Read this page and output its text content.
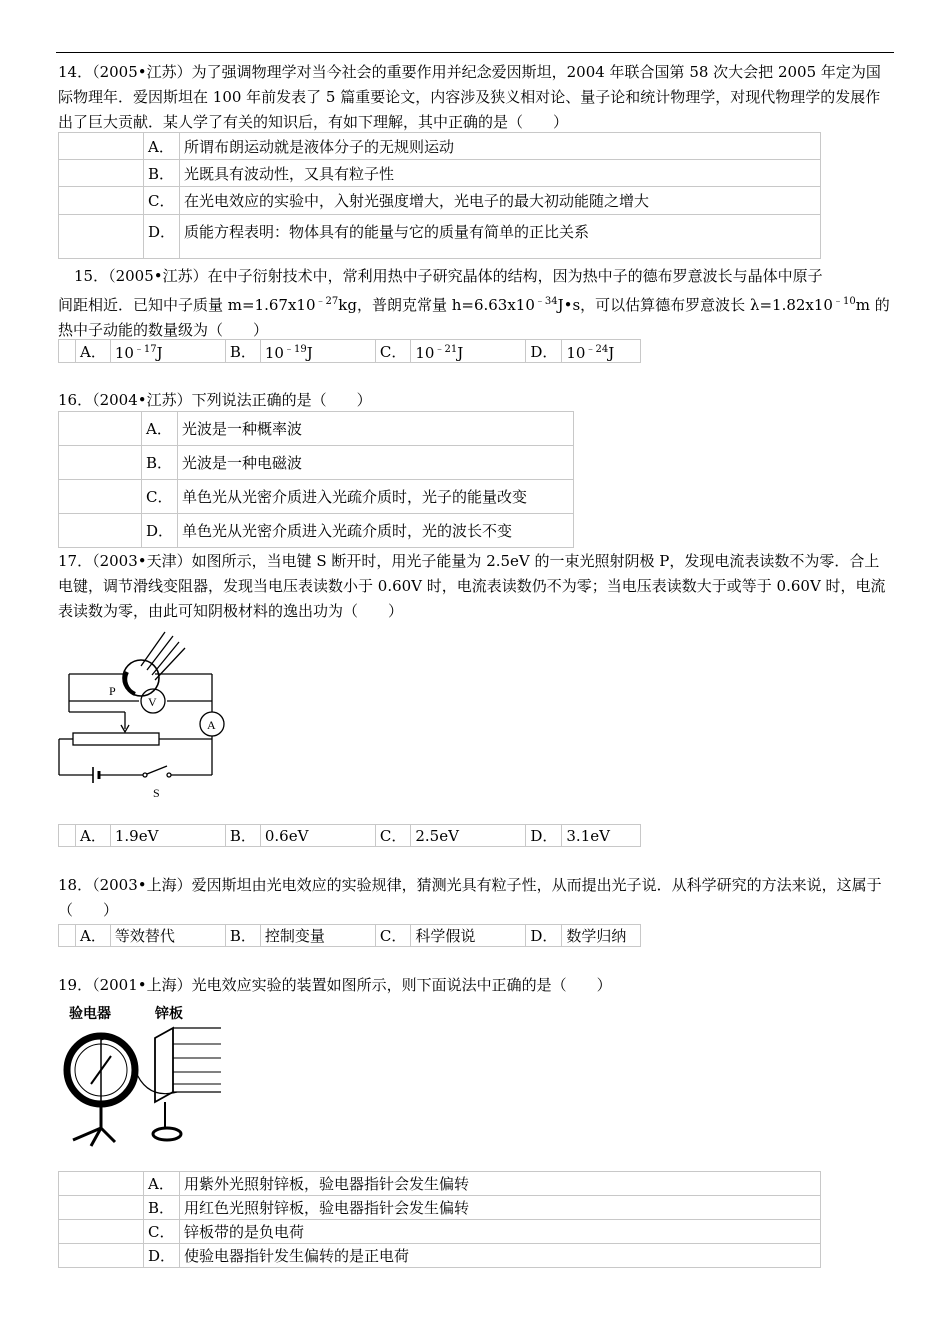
14．（2005•江苏）为了强调物理学对当今社会的重要作用并纪念爱因斯坦，2004 年联合国第 58 次大会把 2005 年定为国际物理年．爱因斯坦在 100 年前发表了 5 篇重要论文，内容涉及狭义相对论、量子论和统计物理学，对现代物理学的发展作出了巨大贡献．某人学了有关的知识后，有如下理解，其中正确的是（　　）
	A．	所谓布朗运动就是液体分子的无规则运动
	B．	光既具有波动性，又具有粒子性
	C．	在光电效应的实验中，入射光强度增大，光电子的最大初动能随之增大
	D．	质能方程表明：物体具有的能量与它的质量有简单的正比关系
15．（2005•江苏）在中子衍射技术中，常利用热中子研究晶体的结构，因为热中子的德布罗意波长与晶体中原子
间距相近．已知中子质量 $m=1.67x10^{﹣27}kg$，普朗克常量 $h=6.63x10^{﹣34}J•s$，可以估算德布罗意波长 $\lambda=1.82x10^{﹣10}m$ 的
热中子动能的数量级为（　　）
	A．	$10^{﹣17}J$	B．	$10^{﹣19}J$	C．	$10^{﹣21}J$	D．	$10^{﹣24}J$
16．（2004•江苏）下列说法正确的是（　　）
	A．	光波是一种概率波
	B．	光波是一种电磁波
	C．	单色光从光密介质进入光疏介质时，光子的能量改变
	D．	单色光从光密介质进入光疏介质时，光的波长不变
17．（2003•天津）如图所示，当电键 S 断开时，用光子能量为 2.5eV 的一束光照射阴极 P，发现电流表读数不为零．合上电键，调节滑线变阻器，发现当电压表读数小于 0.60V 时，电流表读数仍不为零；当电压表读数大于或等于 0.60V 时，电流表读数为零，由此可知阴极材料的逸出功为（　　）
P
V
A
S
	A．	1.9eV	B．	0.6eV	C．	2.5eV	D．	3.1eV
18．（2003•上海）爱因斯坦由光电效应的实验规律，猜测光具有粒子性，从而提出光子说．从科学研究的方法来说，这属于（　　）
	A．	等效替代	B．	控制变量	C．	科学假说	D．	数学归纳
19．（2001•上海）光电效应实验的装置如图所示，则下面说法中正确的是（　　）
验电器	锌板
	A．	用紫外光照射锌板，验电器指针会发生偏转
	B．	用红色光照射锌板，验电器指针会发生偏转
	C．	锌板带的是负电荷
	D．	使验电器指针发生偏转的是正电荷
